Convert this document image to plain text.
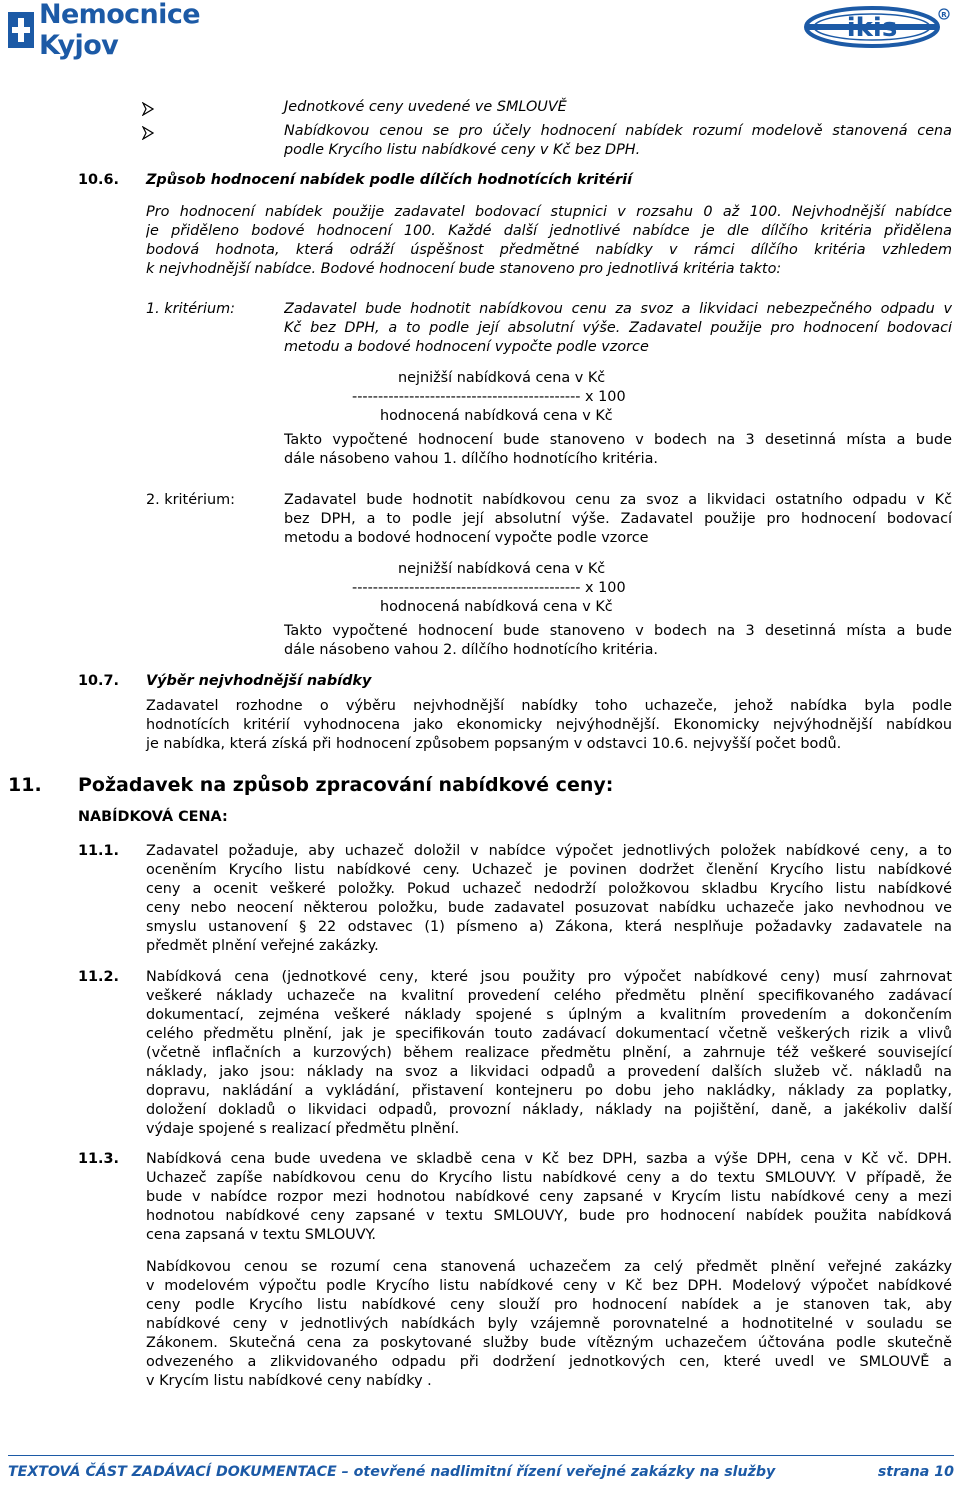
Nemocnice Kyjov
ikis	R
Jednotkové ceny uvedené ve SMLOUVĚ
Nabídkovou cenou se pro účely hodnocení nabídek rozumí modelově stanovená cena
podle Krycího listu nabídkové ceny v Kč bez DPH.
10.6. Způsob hodnocení nabídek podle dílčích hodnotících kritérií
Pro hodnocení nabídek použije zadavatel bodovací stupnici v rozsahu 0 až 100. Nejvhodnější nabídce
je přiděleno bodové hodnocení 100. Každé další jednotlivé nabídce je dle dílčího kritéria přidělena
bodová hodnota, která odráží úspěšnost předmětné nabídky v rámci dílčího kritéria vzhledem
k nejvhodnější nabídce. Bodové hodnocení bude stanoveno pro jednotlivá kritéria takto:
1. kritérium:	Zadavatel bude hodnotit nabídkovou cenu za svoz a likvidaci nebezpečného odpadu v
Kč bez DPH, a to podle její absolutní výše. Zadavatel použije pro hodnocení bodovací
metodu a bodové hodnocení vypočte podle vzorce
nejnižší nabídková cena v Kč
-------------------------------------------- x 100
hodnocená nabídková cena v Kč
Takto vypočtené hodnocení bude stanoveno v bodech na 3 desetinná místa a bude
dále násobeno vahou 1. dílčího hodnotícího kritéria.
2. kritérium:	Zadavatel bude hodnotit nabídkovou cenu za svoz a likvidaci ostatního odpadu v Kč
bez DPH, a to podle její absolutní výše. Zadavatel použije pro hodnocení bodovací
metodu a bodové hodnocení vypočte podle vzorce
nejnižší nabídková cena v Kč
-------------------------------------------- x 100
hodnocená nabídková cena v Kč
Takto vypočtené hodnocení bude stanoveno v bodech na 3 desetinná místa a bude
dále násobeno vahou 2. dílčího hodnotícího kritéria.
10.7. Výběr nejvhodnější nabídky
Zadavatel rozhodne o výběru nejvhodnější nabídky toho uchazeče, jehož nabídka byla podle
hodnotících kritérií vyhodnocena jako ekonomicky nejvýhodnější. Ekonomicky nejvýhodnější nabídkou
je nabídka, která získá při hodnocení způsobem popsaným v odstavci 10.6. nejvyšší počet bodů.
11. Požadavek na způsob zpracování nabídkové ceny:
NABÍDKOVÁ CENA:
11.1. Zadavatel požaduje, aby uchazeč doložil v nabídce výpočet jednotlivých položek nabídkové ceny, a to
oceněním Krycího listu nabídkové ceny. Uchazeč je povinen dodržet členění Krycího listu nabídkové
ceny a ocenit veškeré položky. Pokud uchazeč nedodrží položkovou skladbu Krycího listu nabídkové
ceny nebo neocení některou položku, bude zadavatel posuzovat nabídku uchazeče jako nevhodnou ve
smyslu ustanovení § 22 odstavec (1) písmeno a) Zákona, která nesplňuje požadavky zadavatele na
předmět plnění veřejné zakázky.
11.2. Nabídková cena (jednotkové ceny, které jsou použity pro výpočet nabídkové ceny) musí zahrnovat
veškeré náklady uchazeče na kvalitní provedení celého předmětu plnění specifikovaného zadávací
dokumentací, zejména veškeré náklady spojené s úplným a kvalitním provedením a dokončením
celého předmětu plnění, jak je specifikován touto zadávací dokumentací včetně veškerých rizik a vlivů
(včetně inflačních a kurzových) během realizace předmětu plnění, a zahrnuje též veškeré související
náklady, jako jsou: náklady na svoz a likvidaci odpadů a provedení dalších služeb vč. nákladů na
dopravu, nakládání a vykládání, přistavení kontejneru po dobu jeho nakládky, náklady za poplatky,
doložení dokladů o likvidaci odpadů, provozní náklady, náklady na pojištění, daně, a jakékoliv další
výdaje spojené s realizací předmětu plnění.
11.3. Nabídková cena bude uvedena ve skladbě cena v Kč bez DPH, sazba a výše DPH, cena v Kč vč. DPH.
Uchazeč zapíše nabídkovou cenu do Krycího listu nabídkové ceny a do textu SMLOUVY. V případě, že
bude v nabídce rozpor mezi hodnotou nabídkové ceny zapsané v Krycím listu nabídkové ceny a mezi
hodnotou nabídkové ceny zapsané v textu SMLOUVY, bude pro hodnocení nabídek použita nabídková
cena zapsaná v textu SMLOUVY.
Nabídkovou cenou se rozumí cena stanovená uchazečem za celý předmět plnění veřejné zakázky
v modelovém výpočtu podle Krycího listu nabídkové ceny v Kč bez DPH. Modelový výpočet nabídkové
ceny podle Krycího listu nabídkové ceny slouží pro hodnocení nabídek a je stanoven tak, aby
nabídkové ceny v jednotlivých nabídkách byly vzájemně porovnatelné a hodnotitelné v souladu se
Zákonem. Skutečná cena za poskytované služby bude vítězným uchazečem účtována podle skutečně
odvezeného a zlikvidovaného odpadu při dodržení jednotkových cen, které uvedl ve SMLOUVĚ a
v Krycím listu nabídkové ceny nabídky .
TEXTOVÁ ČÁST ZADÁVACÍ DOKUMENTACE – otevřené nadlimitní řízení veřejné zakázky na služby	strana 10
